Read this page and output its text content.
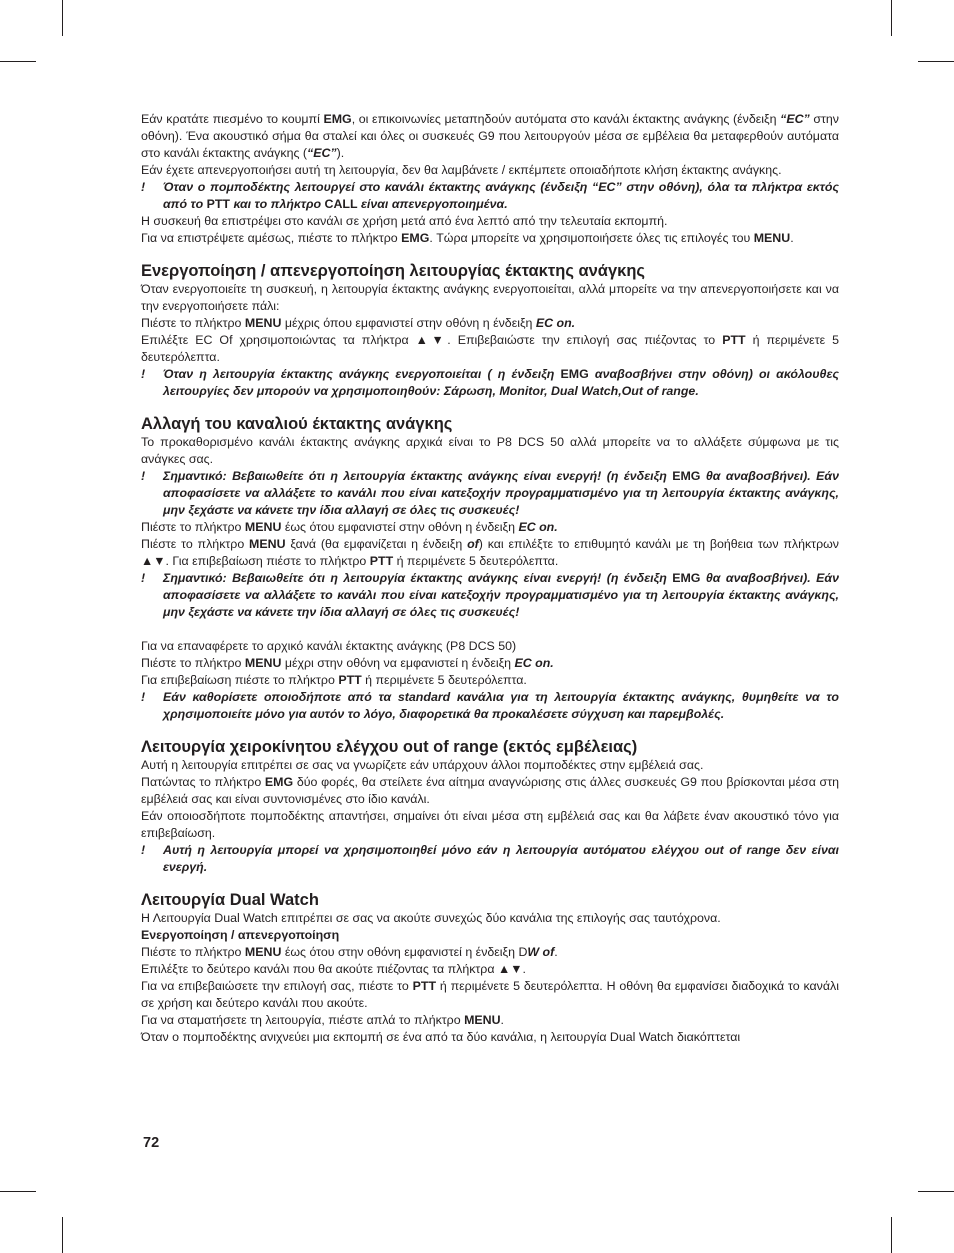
Εάν κρατάτε πιεσμένο το κουμπί EMG, οι επικοινωνίες μεταπηδούν αυτόματα στο κανάλι έκτακτης ανάγκης (ένδειξη “EC” στην οθόνη). Ένα ακουστικό σήμα θα σταλεί και όλες οι συσκευές G9 που λειτουργούν μέσα σε εμβέλεια θα μεταφερθούν αυτόματα στο κανάλι έκτακτης ανάγκης (“EC”).

Εάν έχετε απενεργοποιήσει αυτή τη λειτουργία, δεν θα λαμβάνετε / εκπέμπετε οποιαδήποτε κλήση έκτακτης ανάγκης.

! Όταν ο πομποδέκτης λειτουργεί στο κανάλι έκτακτης ανάγκης (ένδειξη “EC” στην οθόνη), όλα τα πλήκτρα εκτός από το PTT και το πλήκτρο CALL είναι απενεργοποιημένα.

Η συσκευή θα επιστρέψει στο κανάλι σε χρήση μετά από ένα λεπτό από την τελευταία εκπομπή.

Για να επιστρέψετε αμέσως, πιέστε το πλήκτρο EMG. Τώρα μπορείτε να χρησιμοποιήσετε όλες τις επιλογές του MENU.

Ενεργοποίηση / απενεργοποίηση λειτουργίας έκτακτης ανάγκης

Όταν ενεργοποιείτε τη συσκευή, η λειτουργία έκτακτης ανάγκης ενεργοποιείται, αλλά μπορείτε να την απενεργοποιήσετε και να την ενεργοποιήσετε πάλι:

Πιέστε το πλήκτρο MENU μέχρις όπου εμφανιστεί στην οθόνη η ένδειξη EC on.

Επιλέξτε EC Of χρησιμοποιώντας τα πλήκτρα ▲▼. Επιβεβαιώστε την επιλογή σας πιέζοντας το PTT ή περιμένετε 5 δευτερόλεπτα.

! Όταν η λειτουργία έκτακτης ανάγκης ενεργοποιείται ( η ένδειξη EMG αναβοσβήνει στην οθόνη) οι ακόλουθες λειτουργίες δεν μπορούν να χρησιμοποιηθούν: Σάρωση, Monitor, Dual Watch,Out of range.

Αλλαγή του καναλιού έκτακτης ανάγκης

Το προκαθορισμένο κανάλι έκτακτης ανάγκης αρχικά είναι το P8 DCS 50 αλλά μπορείτε να το αλλάξετε σύμφωνα με τις ανάγκες σας.

! Σημαντικό: Βεβαιωθείτε ότι η λειτουργία έκτακτης ανάγκης είναι ενεργή! (η ένδειξη EMG θα αναβοσβήνει). Εάν αποφασίσετε να αλλάξετε το κανάλι που είναι κατεξοχήν προγραμματισμένο για τη λειτουργία έκτακτης ανάγκης, μην ξεχάστε να κάνετε την ίδια αλλαγή σε όλες τις συσκευές!

Πιέστε το πλήκτρο MENU έως ότου εμφανιστεί στην οθόνη η ένδειξη EC on.

Πιέστε το πλήκτρο MENU ξανά (θα εμφανίζεται η ένδειξη of) και επιλέξτε το επιθυμητό κανάλι με τη βοήθεια των πλήκτρων ▲▼. Για επιβεβαίωση πιέστε το πλήκτρο PTT ή περιμένετε 5 δευτερόλεπτα.

! Σημαντικό: Βεβαιωθείτε ότι η λειτουργία έκτακτης ανάγκης είναι ενεργή! (η ένδειξη EMG θα αναβοσβήνει). Εάν αποφασίσετε να αλλάξετε το κανάλι που είναι κατεξοχήν προγραμματισμένο για τη λειτουργία έκτακτης ανάγκης, μην ξεχάστε να κάνετε την ίδια αλλαγή σε όλες τις συσκευές!

Για να επαναφέρετε το αρχικό κανάλι έκτακτης ανάγκης (P8 DCS 50)

Πιέστε το πλήκτρο MENU μέχρι στην οθόνη να εμφανιστεί η ένδειξη EC on.

Για επιβεβαίωση πιέστε το πλήκτρο PTT ή περιμένετε 5 δευτερόλεπτα.

! Εάν καθορίσετε οποιοδήποτε από τα standard κανάλια για τη λειτουργία έκτακτης ανάγκης, θυμηθείτε να το χρησιμοποιείτε μόνο για αυτόν το λόγο, διαφορετικά θα προκαλέσετε σύγχυση και παρεμβολές.

Λειτουργία χειροκίνητου ελέγχου out of range (εκτός εμβέλειας)

Αυτή η λειτουργία επιτρέπει σε σας να γνωρίζετε εάν υπάρχουν άλλοι πομποδέκτες στην εμβέλειά σας.

Πατώντας το πλήκτρο EMG δύο φορές, θα στείλετε ένα αίτημα αναγνώρισης στις άλλες συσκευές G9 που βρίσκονται μέσα στη εμβέλειά σας και είναι συντονισμένες στο ίδιο κανάλι.

Εάν οποιοσδήποτε πομποδέκτης απαντήσει, σημαίνει ότι είναι μέσα στη εμβέλειά σας και θα λάβετε έναν ακουστικό τόνο για επιβεβαίωση.

! Αυτή η λειτουργία μπορεί να χρησιμοποιηθεί μόνο εάν η λειτουργία αυτόματου ελέγχου out of range δεν είναι ενεργή.

Λειτουργία Dual Watch

Η Λειτουργία Dual Watch επιτρέπει σε σας να ακούτε συνεχώς δύο κανάλια της επιλογής σας ταυτόχρονα.

Ενεργοποίηση / απενεργοποίηση

Πιέστε το πλήκτρο MENU έως ότου στην οθόνη εμφανιστεί η ένδειξη DW of.

Επιλέξτε το δεύτερο κανάλι που θα ακούτε πιέζοντας τα πλήκτρα ▲▼.

Για να επιβεβαιώσετε την επιλογή σας, πιέστε το PTT ή περιμένετε 5 δευτερόλεπτα. Η οθόνη θα εμφανίσει διαδοχικά το κανάλι σε χρήση και δεύτερο κανάλι που ακούτε.

Για να σταματήσετε τη λειτουργία, πιέστε απλά το πλήκτρο MENU.

Όταν ο πομποδέκτης ανιχνεύει μια εκπομπή σε ένα από τα δύο κανάλια, η λειτουργία Dual Watch διακόπτεται

72
